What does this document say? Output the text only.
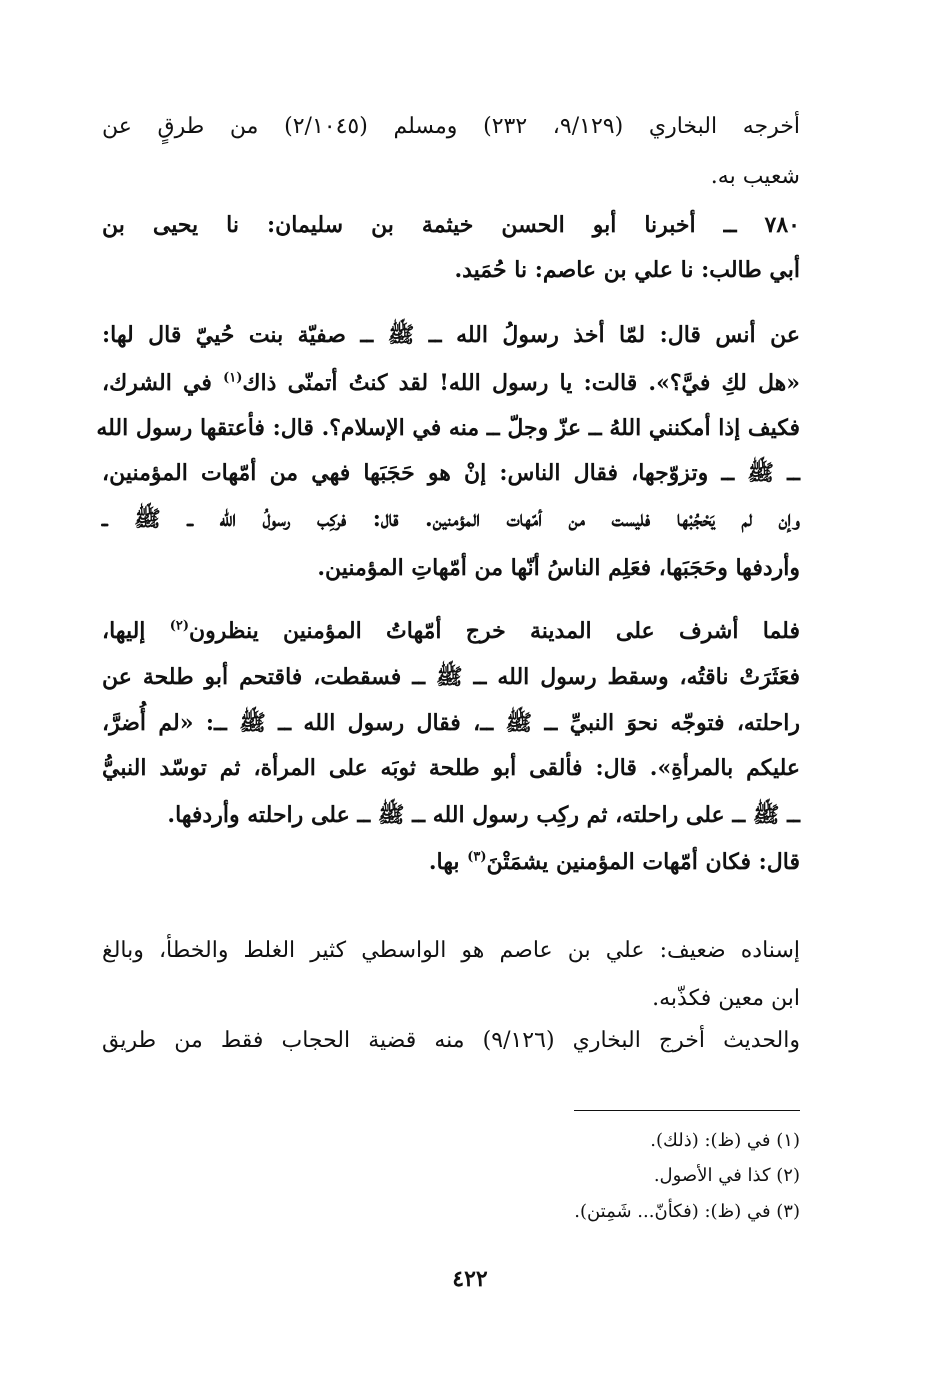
أخرجه البخاري (٩/١٢٩، ٢٣٢) ومسلم (٢/١٠٤٥) من طرقٍ عن
شعيب به.
٧٨٠ ــ أخبرنا أبو الحسن خيثمة بن سليمان: نا يحيى بن
أبي طالب: نا علي بن عاصم: نا حُمَيد.
عن أنس قال: لمّا أخذ رسولُ الله ــ ﷺ ــ صفيّة بنت حُييّ قال لها:
«هل لكِ فيَّ؟». قالت: يا رسول الله! لقد كنتُ أتمنّى ذاك$^{(١)}$ في الشرك،
فكيف إذا أمكنني اللهُ ــ عزّ وجلّ ــ منه في الإسلام؟. قال: فأعتقها رسول الله
ــ ﷺ ــ وتزوّجها، فقال الناس: إنْ هو حَجَبَها فهي من أمّهات المؤمنين،
وإن لم يَحْجُبْها فليست من أمّهات المؤمنين. قال: فركِب رسولُ الله ــ ﷺ ــ
وأردفها وحَجَبَها، فعَلِم الناسُ أنّها من أمّهاتِ المؤمنين.
فلما أشرف على المدينة خرج أمّهاتُ المؤمنين ينظرون$^{(٢)}$ إليها،
فعَثَرَتْ ناقتُه، وسقط رسول الله ــ ﷺ ــ فسقطت، فاقتحم أبو طلحة عن
راحلته، فتوجّه نحوَ النبيِّ ــ ﷺ ــ، فقال رسول الله ــ ﷺ ــ: «لم أُضرَّ،
عليكم بالمرأةِ». قال: فألقى أبو طلحة ثوبَه على المرأة، ثم توسّد النبيُّ
ــ ﷺ ــ على راحلته، ثم ركِب رسول الله ــ ﷺ ــ على راحلته وأردفها.
قال: فكان أمّهات المؤمنين يشمَتْنَ$^{(٣)}$ بها.
إسناده ضعيف: علي بن عاصم هو الواسطي كثير الغلط والخطأ، وبالغ
ابن معين فكذّبه.
والحديث أخرج البخاري (٩/١٢٦) منه قضية الحجاب فقط من طريق
(١) في (ظ): (ذلك).
(٢) كذا في الأصول.
(٣) في (ظ): (فكأنّ... شَمِتن).
٤٢٢
